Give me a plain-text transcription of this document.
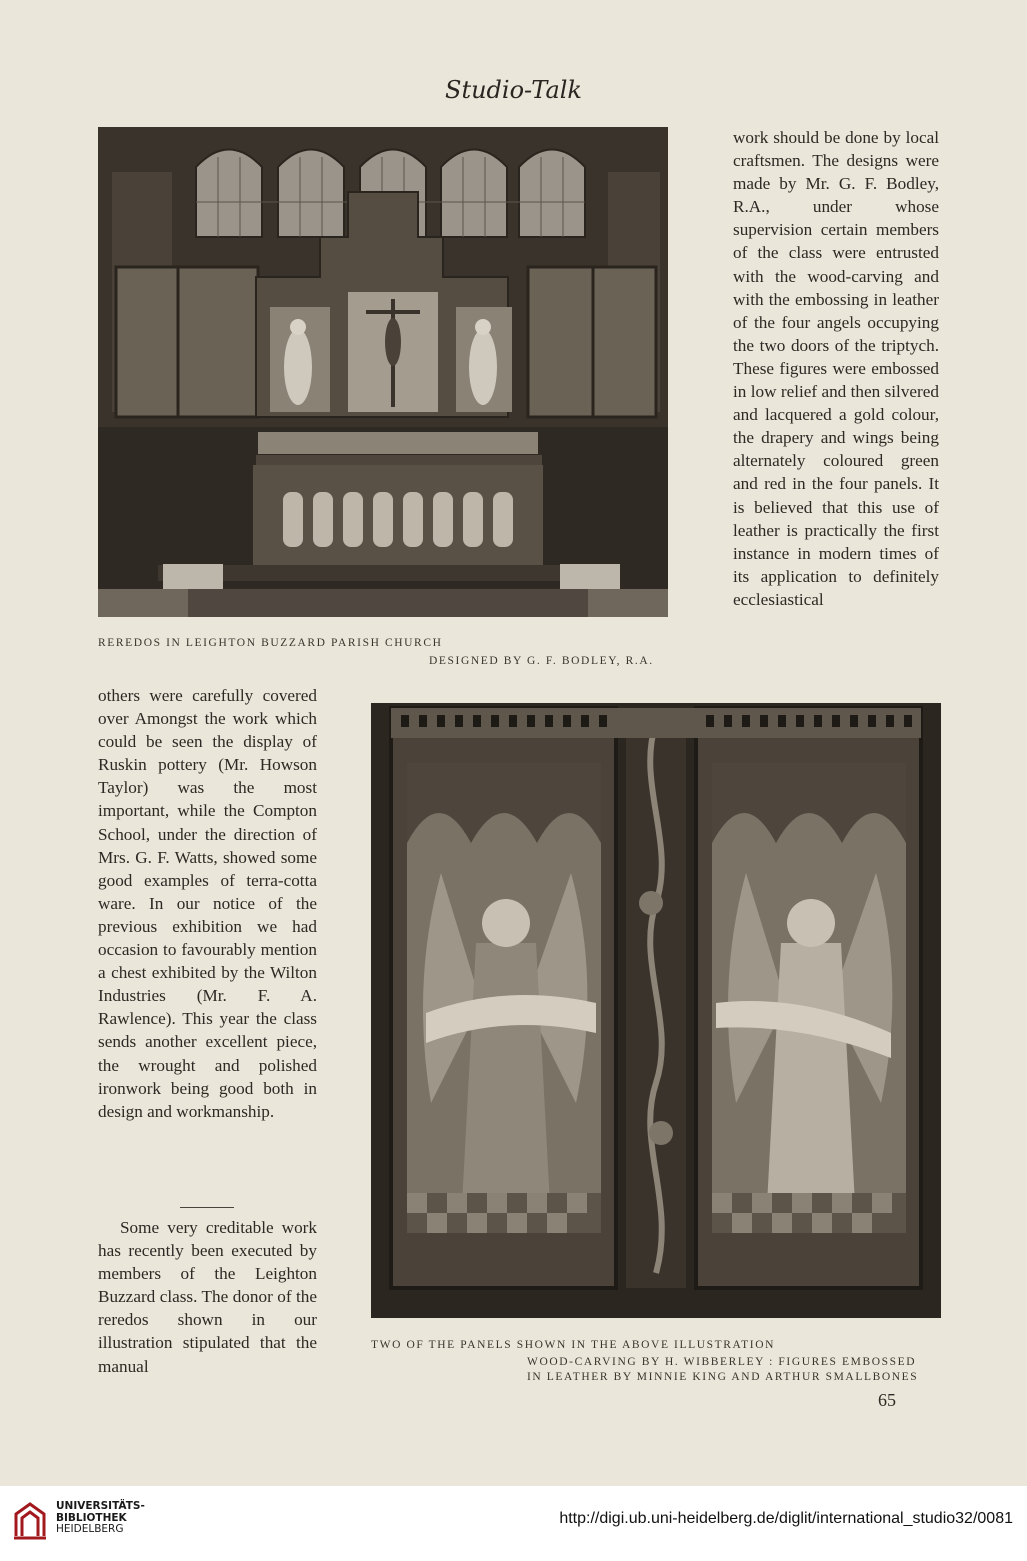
Studio-Talk
REREDOS IN LEIGHTON BUZZARD PARISH CHURCH
DESIGNED BY G. F. BODLEY, R.A.

work should be done by local craftsmen. The designs were made by Mr. G. F. Bodley, R.A., under whose supervision certain members of the class were entrusted with the wood-carving and with the embossing in leather of the four angels occupying the two doors of the triptych. These figures were embossed in low relief and then silvered and lacquered a gold colour, the drapery and wings being alternately coloured green and red in the four panels. It is believed that this use of leather is practically the first instance in modern times of its application to definitely ecclesiastical

others were carefully covered over Amongst the work which could be seen the display of Ruskin pottery (Mr. Howson Taylor) was the most important, while the Compton School, under the direction of Mrs. G. F. Watts, showed some good examples of terra-cotta ware. In our notice of the previous exhibition we had occasion to favourably mention a chest exhibited by the Wilton Industries (Mr. F. A. Rawlence). This year the class sends another excellent piece, the wrought and polished ironwork being good both in design and workmanship.

Some very creditable work has recently been executed by members of the Leighton Buzzard class. The donor of the reredos shown in our illustration stipulated that the manual

TWO OF THE PANELS SHOWN IN THE ABOVE ILLUSTRATION
WOOD-CARVING BY H. WIBBERLEY : FIGURES EMBOSSED
IN LEATHER BY MINNIE KING AND ARTHUR SMALLBONES
65
UNIVERSITÄTS-
BIBLIOTHEK
HEIDELBERG
http://digi.ub.uni-heidelberg.de/diglit/international_studio32/0081
